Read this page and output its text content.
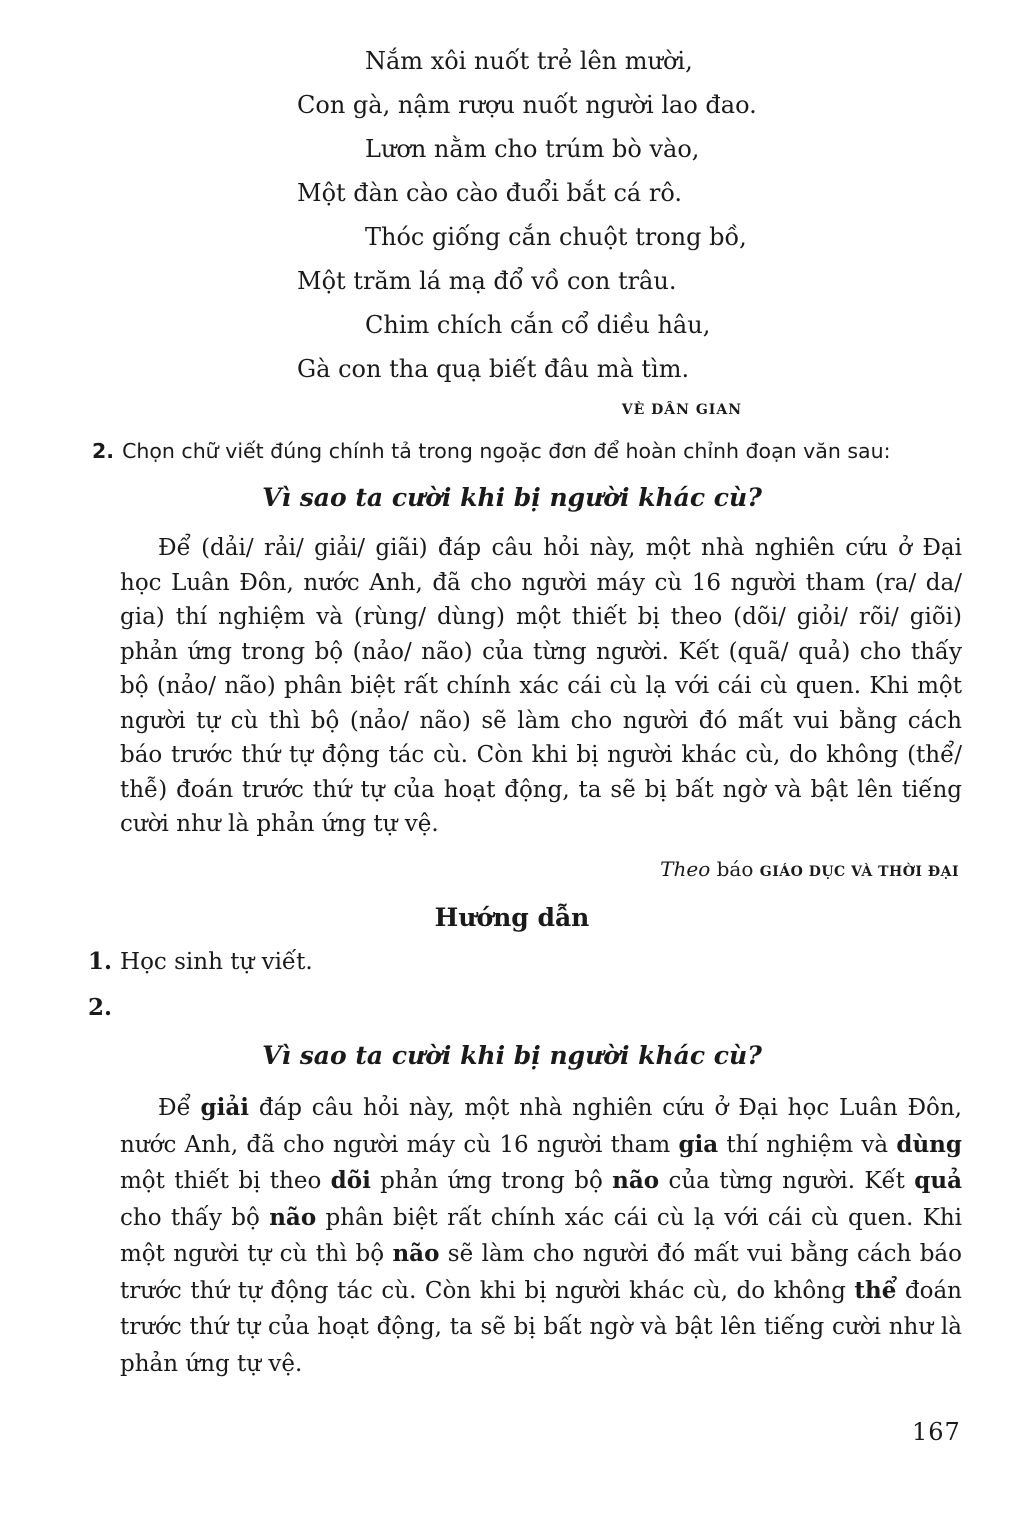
Nắm xôi nuốt trẻ lên mười,
Con gà, nậm rượu nuốt người lao đao.
Lươn nằm cho trúm bò vào,
Một đàn cào cào đuổi bắt cá rô.
Thóc giống cắn chuột trong bồ,
Một trăm lá mạ đổ vồ con trâu.
Chim chích cắn cổ diều hâu,
Gà con tha quạ biết đâu mà tìm.
VÈ DÂN GIAN
2. Chọn chữ viết đúng chính tả trong ngoặc đơn để hoàn chỉnh đoạn văn sau:
Vì sao ta cười khi bị người khác cù?
Để (dải/ rải/ giải/ giãi) đáp câu hỏi này, một nhà nghiên cứu ở Đại học Luân Đôn, nước Anh, đã cho người máy cù 16 người tham (ra/ da/ gia) thí nghiệm và (rùng/ dùng) một thiết bị theo (dõi/ giỏi/ rõi/ giõi) phản ứng trong bộ (nảo/ não) của từng người. Kết (quã/ quả) cho thấy bộ (nảo/ não) phân biệt rất chính xác cái cù lạ với cái cù quen. Khi một người tự cù thì bộ (nảo/ não) sẽ làm cho người đó mất vui bằng cách báo trước thứ tự động tác cù. Còn khi bị người khác cù, do không (thể/ thễ) đoán trước thứ tự của hoạt động, ta sẽ bị bất ngờ và bật lên tiếng cười như là phản ứng tự vệ.
Theo báo GIÁO DỤC VÀ THỜI ĐẠI
Hướng dẫn
1. Học sinh tự viết.
2.
Vì sao ta cười khi bị người khác cù?
Để giải đáp câu hỏi này, một nhà nghiên cứu ở Đại học Luân Đôn, nước Anh, đã cho người máy cù 16 người tham gia thí nghiệm và dùng một thiết bị theo dõi phản ứng trong bộ não của từng người. Kết quả cho thấy bộ não phân biệt rất chính xác cái cù lạ với cái cù quen. Khi một người tự cù thì bộ não sẽ làm cho người đó mất vui bằng cách báo trước thứ tự động tác cù. Còn khi bị người khác cù, do không thể đoán trước thứ tự của hoạt động, ta sẽ bị bất ngờ và bật lên tiếng cười như là phản ứng tự vệ.
167
